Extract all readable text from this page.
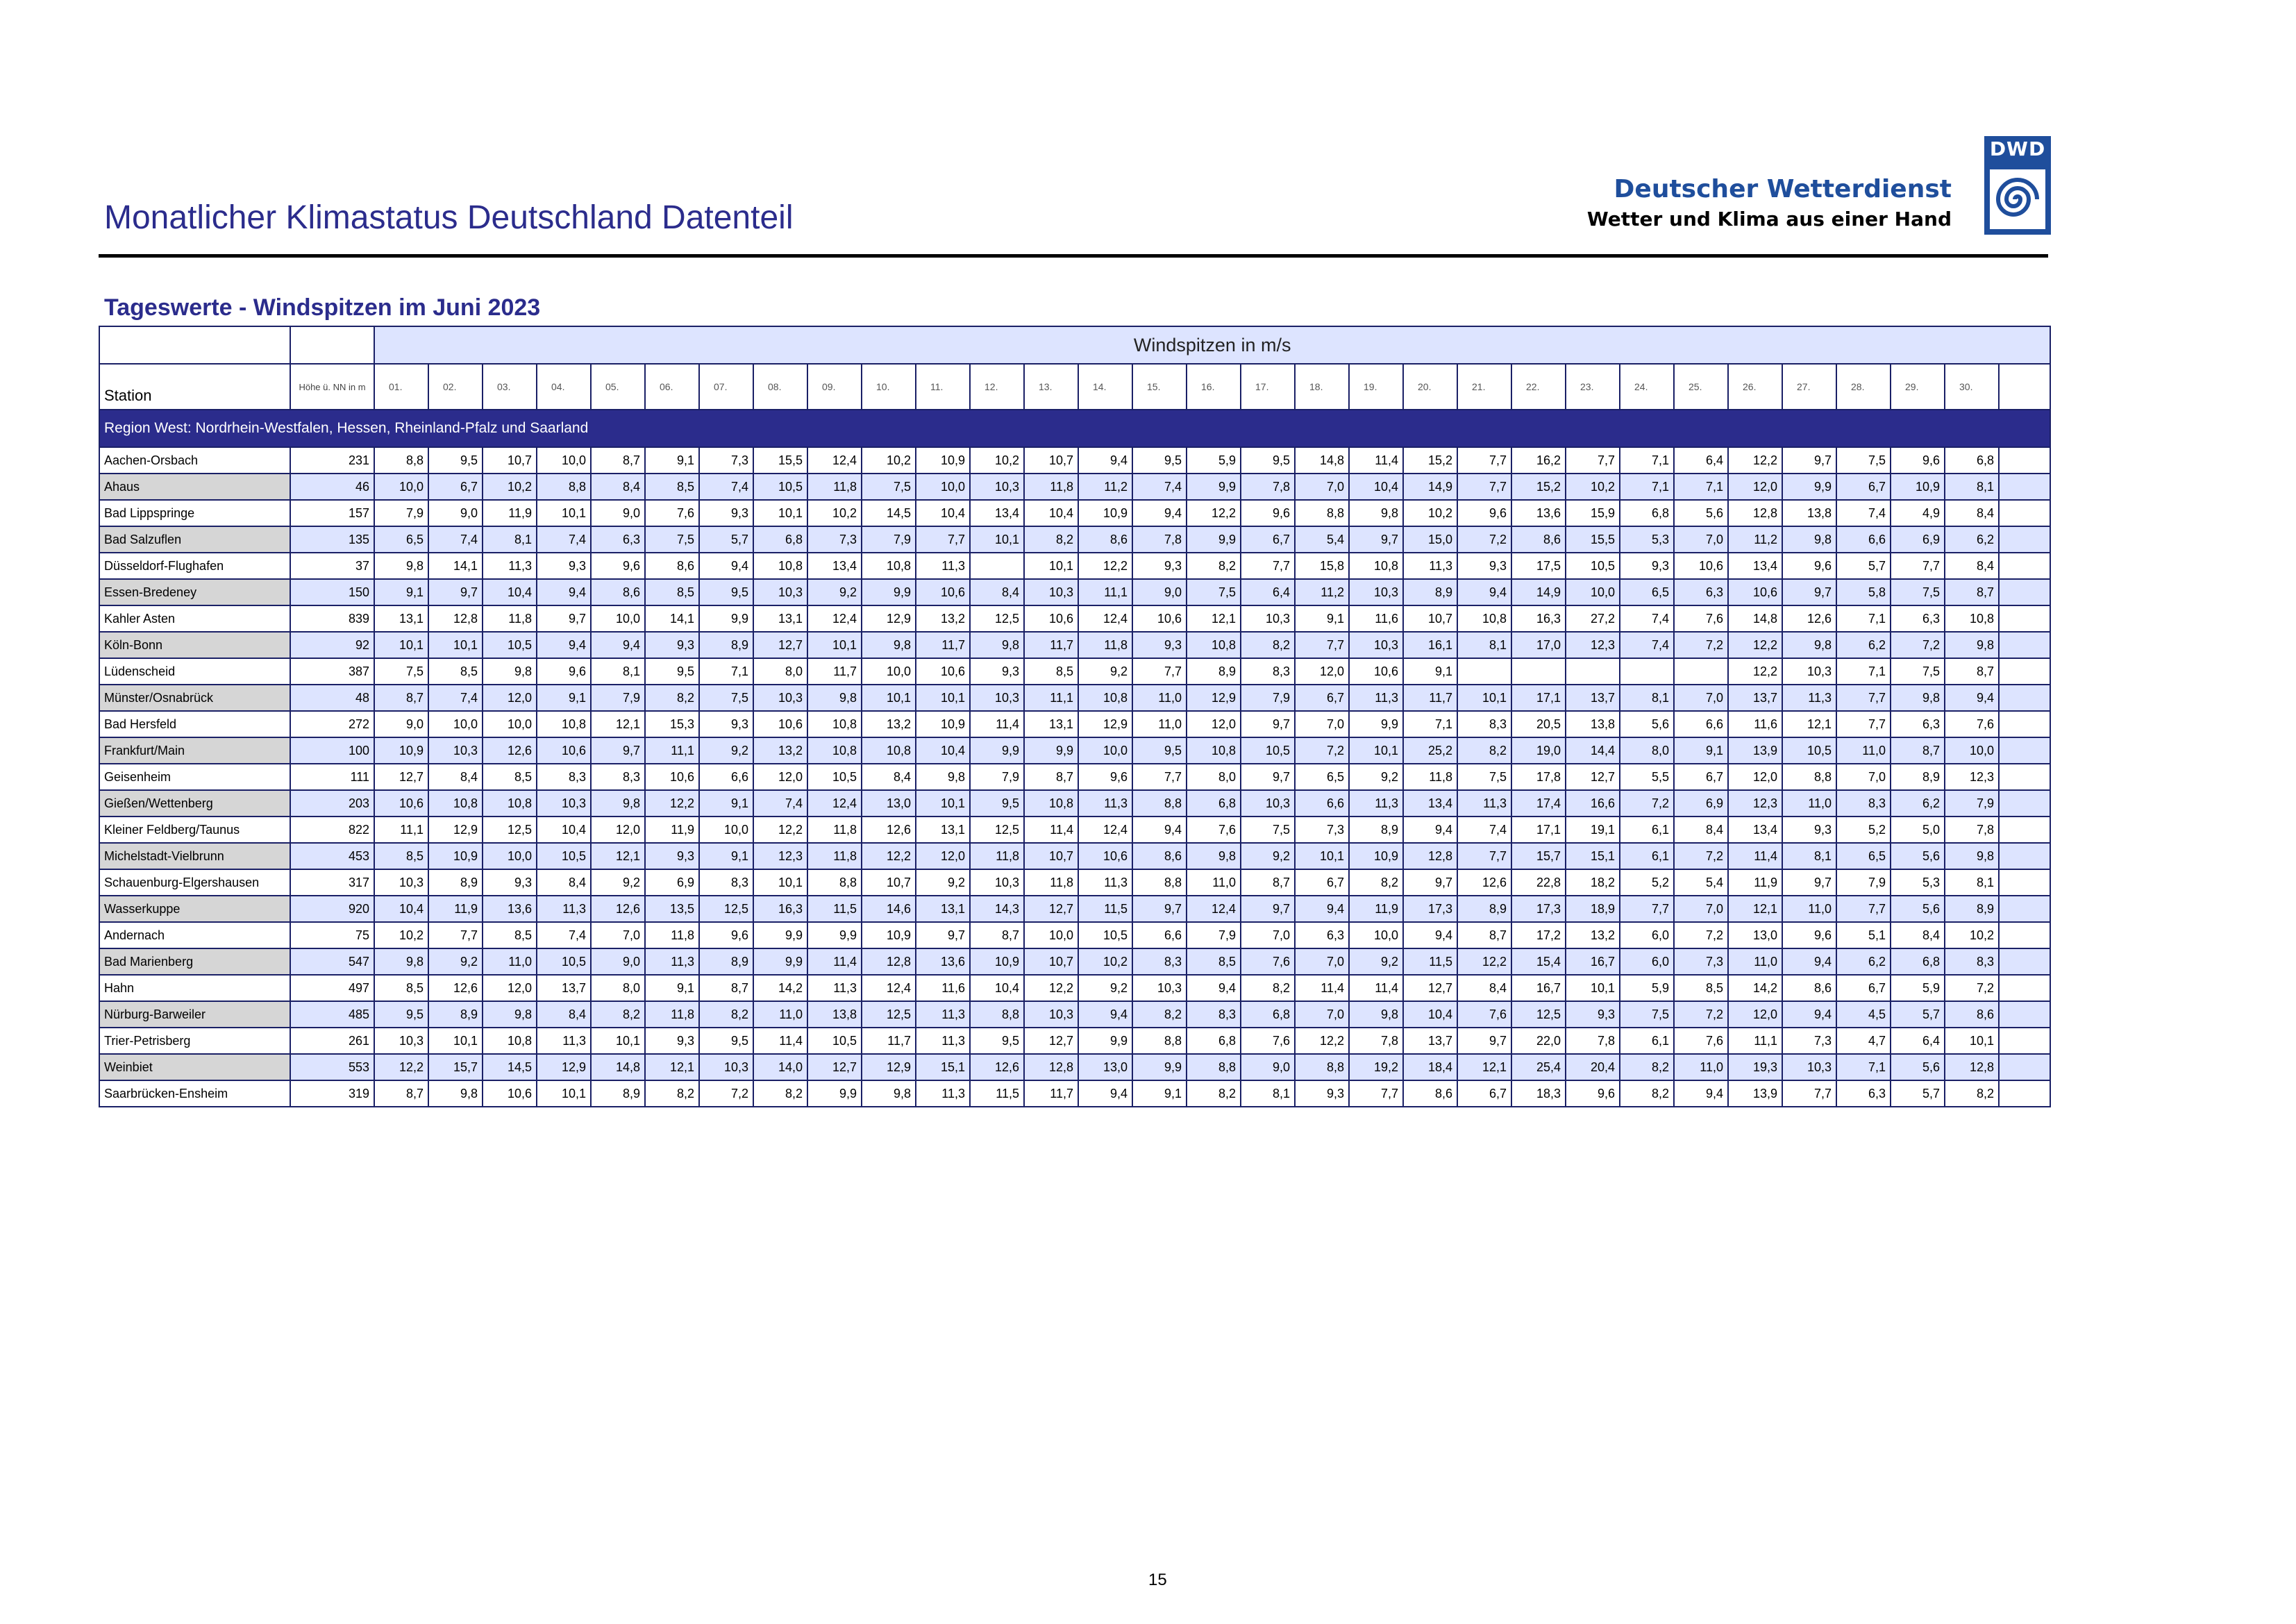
Monatlicher Klimastatus Deutschland Datenteil
Deutscher Wetterdienst
Wetter und Klima aus einer Hand
DWD
Tageswerte - Windspitzen im Juni 2023
		Windspitzen in m/s																														
Station	Höhe ü. NN in m	01.	02.	03.	04.	05.	06.	07.	08.	09.	10.	11.	12.	13.	14.	15.	16.	17.	18.	19.	20.	21.	22.	23.	24.	25.	26.	27.	28.	29.	30.	
Region West: Nordrhein-Westfalen, Hessen, Rheinland-Pfalz und Saarland																																
Aachen-Orsbach	231	8,8	9,5	10,7	10,0	8,7	9,1	7,3	15,5	12,4	10,2	10,9	10,2	10,7	9,4	9,5	5,9	9,5	14,8	11,4	15,2	7,7	16,2	7,7	7,1	6,4	12,2	9,7	7,5	9,6	6,8	
Ahaus	46	10,0	6,7	10,2	8,8	8,4	8,5	7,4	10,5	11,8	7,5	10,0	10,3	11,8	11,2	7,4	9,9	7,8	7,0	10,4	14,9	7,7	15,2	10,2	7,1	7,1	12,0	9,9	6,7	10,9	8,1	
Bad Lippspringe	157	7,9	9,0	11,9	10,1	9,0	7,6	9,3	10,1	10,2	14,5	10,4	13,4	10,4	10,9	9,4	12,2	9,6	8,8	9,8	10,2	9,6	13,6	15,9	6,8	5,6	12,8	13,8	7,4	4,9	8,4	
Bad Salzuflen	135	6,5	7,4	8,1	7,4	6,3	7,5	5,7	6,8	7,3	7,9	7,7	10,1	8,2	8,6	7,8	9,9	6,7	5,4	9,7	15,0	7,2	8,6	15,5	5,3	7,0	11,2	9,8	6,6	6,9	6,2	
Düsseldorf-Flughafen	37	9,8	14,1	11,3	9,3	9,6	8,6	9,4	10,8	13,4	10,8	11,3		10,1	12,2	9,3	8,2	7,7	15,8	10,8	11,3	9,3	17,5	10,5	9,3	10,6	13,4	9,6	5,7	7,7	8,4	
Essen-Bredeney	150	9,1	9,7	10,4	9,4	8,6	8,5	9,5	10,3	9,2	9,9	10,6	8,4	10,3	11,1	9,0	7,5	6,4	11,2	10,3	8,9	9,4	14,9	10,0	6,5	6,3	10,6	9,7	5,8	7,5	8,7	
Kahler Asten	839	13,1	12,8	11,8	9,7	10,0	14,1	9,9	13,1	12,4	12,9	13,2	12,5	10,6	12,4	10,6	12,1	10,3	9,1	11,6	10,7	10,8	16,3	27,2	7,4	7,6	14,8	12,6	7,1	6,3	10,8	
Köln-Bonn	92	10,1	10,1	10,5	9,4	9,4	9,3	8,9	12,7	10,1	9,8	11,7	9,8	11,7	11,8	9,3	10,8	8,2	7,7	10,3	16,1	8,1	17,0	12,3	7,4	7,2	12,2	9,8	6,2	7,2	9,8	
Lüdenscheid	387	7,5	8,5	9,8	9,6	8,1	9,5	7,1	8,0	11,7	10,0	10,6	9,3	8,5	9,2	7,7	8,9	8,3	12,0	10,6	9,1						12,2	10,3	7,1	7,5	8,7	
Münster/Osnabrück	48	8,7	7,4	12,0	9,1	7,9	8,2	7,5	10,3	9,8	10,1	10,1	10,3	11,1	10,8	11,0	12,9	7,9	6,7	11,3	11,7	10,1	17,1	13,7	8,1	7,0	13,7	11,3	7,7	9,8	9,4	
Bad Hersfeld	272	9,0	10,0	10,0	10,8	12,1	15,3	9,3	10,6	10,8	13,2	10,9	11,4	13,1	12,9	11,0	12,0	9,7	7,0	9,9	7,1	8,3	20,5	13,8	5,6	6,6	11,6	12,1	7,7	6,3	7,6	
Frankfurt/Main	100	10,9	10,3	12,6	10,6	9,7	11,1	9,2	13,2	10,8	10,8	10,4	9,9	9,9	10,0	9,5	10,8	10,5	7,2	10,1	25,2	8,2	19,0	14,4	8,0	9,1	13,9	10,5	11,0	8,7	10,0	
Geisenheim	111	12,7	8,4	8,5	8,3	8,3	10,6	6,6	12,0	10,5	8,4	9,8	7,9	8,7	9,6	7,7	8,0	9,7	6,5	9,2	11,8	7,5	17,8	12,7	5,5	6,7	12,0	8,8	7,0	8,9	12,3	
Gießen/Wettenberg	203	10,6	10,8	10,8	10,3	9,8	12,2	9,1	7,4	12,4	13,0	10,1	9,5	10,8	11,3	8,8	6,8	10,3	6,6	11,3	13,4	11,3	17,4	16,6	7,2	6,9	12,3	11,0	8,3	6,2	7,9	
Kleiner Feldberg/Taunus	822	11,1	12,9	12,5	10,4	12,0	11,9	10,0	12,2	11,8	12,6	13,1	12,5	11,4	12,4	9,4	7,6	7,5	7,3	8,9	9,4	7,4	17,1	19,1	6,1	8,4	13,4	9,3	5,2	5,0	7,8	
Michelstadt-Vielbrunn	453	8,5	10,9	10,0	10,5	12,1	9,3	9,1	12,3	11,8	12,2	12,0	11,8	10,7	10,6	8,6	9,8	9,2	10,1	10,9	12,8	7,7	15,7	15,1	6,1	7,2	11,4	8,1	6,5	5,6	9,8	
Schauenburg-Elgershausen	317	10,3	8,9	9,3	8,4	9,2	6,9	8,3	10,1	8,8	10,7	9,2	10,3	11,8	11,3	8,8	11,0	8,7	6,7	8,2	9,7	12,6	22,8	18,2	5,2	5,4	11,9	9,7	7,9	5,3	8,1	
Wasserkuppe	920	10,4	11,9	13,6	11,3	12,6	13,5	12,5	16,3	11,5	14,6	13,1	14,3	12,7	11,5	9,7	12,4	9,7	9,4	11,9	17,3	8,9	17,3	18,9	7,7	7,0	12,1	11,0	7,7	5,6	8,9	
Andernach	75	10,2	7,7	8,5	7,4	7,0	11,8	9,6	9,9	9,9	10,9	9,7	8,7	10,0	10,5	6,6	7,9	7,0	6,3	10,0	9,4	8,7	17,2	13,2	6,0	7,2	13,0	9,6	5,1	8,4	10,2	
Bad Marienberg	547	9,8	9,2	11,0	10,5	9,0	11,3	8,9	9,9	11,4	12,8	13,6	10,9	10,7	10,2	8,3	8,5	7,6	7,0	9,2	11,5	12,2	15,4	16,7	6,0	7,3	11,0	9,4	6,2	6,8	8,3	
Hahn	497	8,5	12,6	12,0	13,7	8,0	9,1	8,7	14,2	11,3	12,4	11,6	10,4	12,2	9,2	10,3	9,4	8,2	11,4	11,4	12,7	8,4	16,7	10,1	5,9	8,5	14,2	8,6	6,7	5,9	7,2	
Nürburg-Barweiler	485	9,5	8,9	9,8	8,4	8,2	11,8	8,2	11,0	13,8	12,5	11,3	8,8	10,3	9,4	8,2	8,3	6,8	7,0	9,8	10,4	7,6	12,5	9,3	7,5	7,2	12,0	9,4	4,5	5,7	8,6	
Trier-Petrisberg	261	10,3	10,1	10,8	11,3	10,1	9,3	9,5	11,4	10,5	11,7	11,3	9,5	12,7	9,9	8,8	6,8	7,6	12,2	7,8	13,7	9,7	22,0	7,8	6,1	7,6	11,1	7,3	4,7	6,4	10,1	
Weinbiet	553	12,2	15,7	14,5	12,9	14,8	12,1	10,3	14,0	12,7	12,9	15,1	12,6	12,8	13,0	9,9	8,8	9,0	8,8	19,2	18,4	12,1	25,4	20,4	8,2	11,0	19,3	10,3	7,1	5,6	12,8	
Saarbrücken-Ensheim	319	8,7	9,8	10,6	10,1	8,9	8,2	7,2	8,2	9,9	9,8	11,3	11,5	11,7	9,4	9,1	8,2	8,1	9,3	7,7	8,6	6,7	18,3	9,6	8,2	9,4	13,9	7,7	6,3	5,7	8,2	
15
